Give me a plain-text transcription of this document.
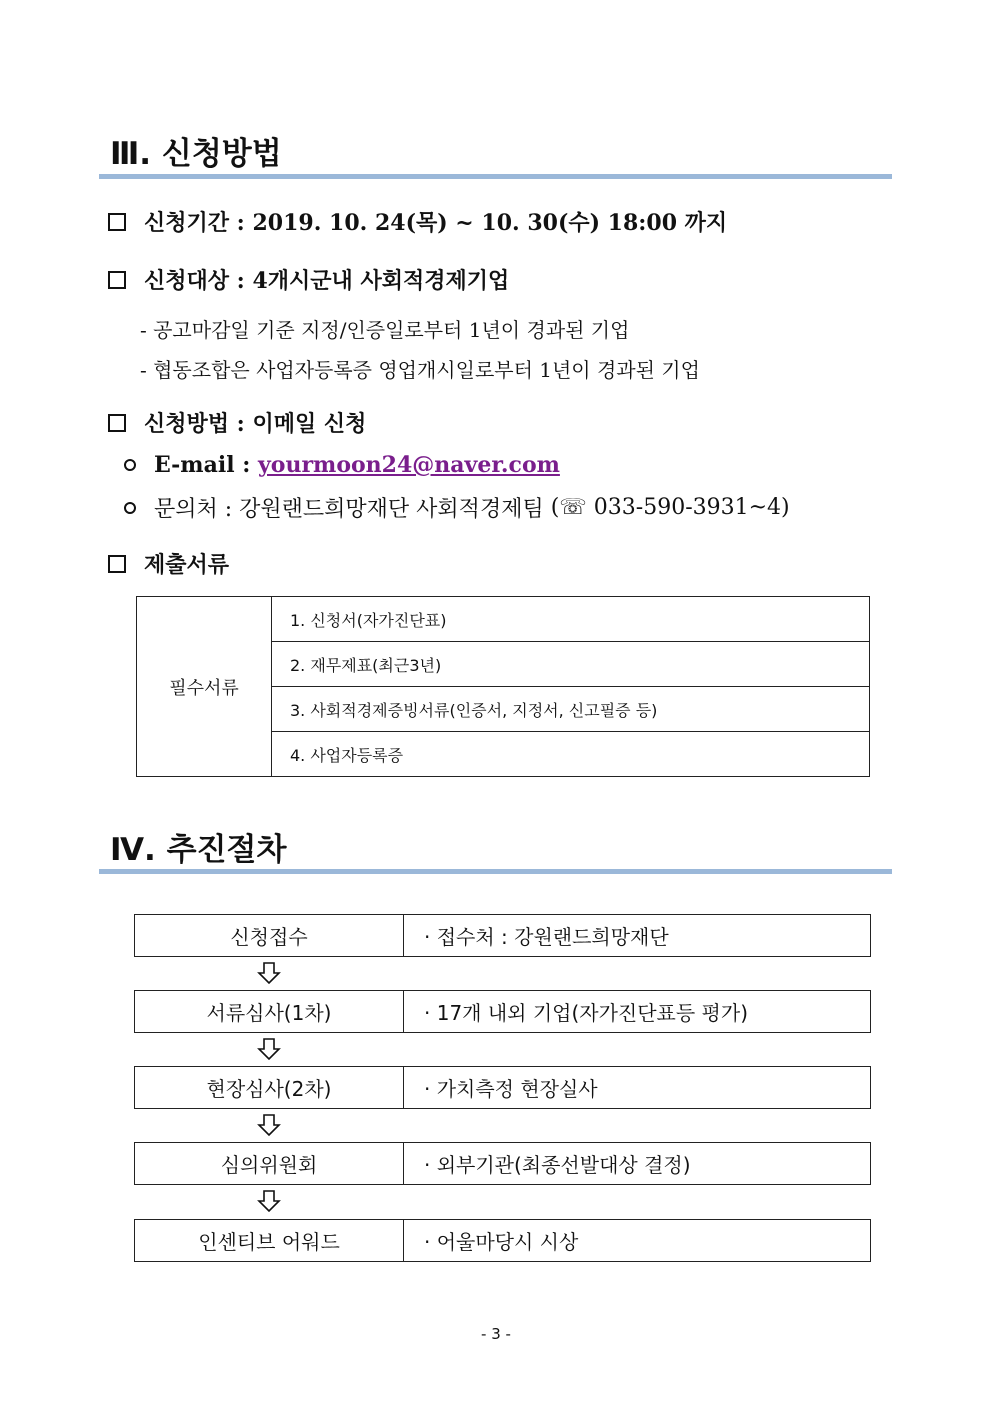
Ⅲ. 신청방법
신청기간 :
2019. 10. 24(목) ~ 10. 30(수) 18:00 까지
신청대상 :
4개시군내 사회적경제기업
- 공고마감일 기준 지정/인증일로부터 1년이 경과된 기업
- 협동조합은 사업자등록증 영업개시일로부터 1년이 경과된 기업
신청방법 :
이메일 신청
E-mail :
yourmoon24@naver.com
문의처 :
강원랜드희망재단 사회적경제팀
(☏ 033-590-3931~4)
제출서류
필수서류	1. 신청서(자가진단표)
2. 재무제표(최근3년)
3. 사회적경제증빙서류(인증서, 지정서, 신고필증 등)
4. 사업자등록증
Ⅳ. 추진절차
신청접수	· 접수처 : 강원랜드희망재단
서류심사(1차)	· 17개 내외 기업(자가진단표등 평가)
현장심사(2차)	· 가치측정 현장실사
심의위원회	· 외부기관(최종선발대상 결정)
인센티브 어워드	· 어울마당시 시상
- 3 -
